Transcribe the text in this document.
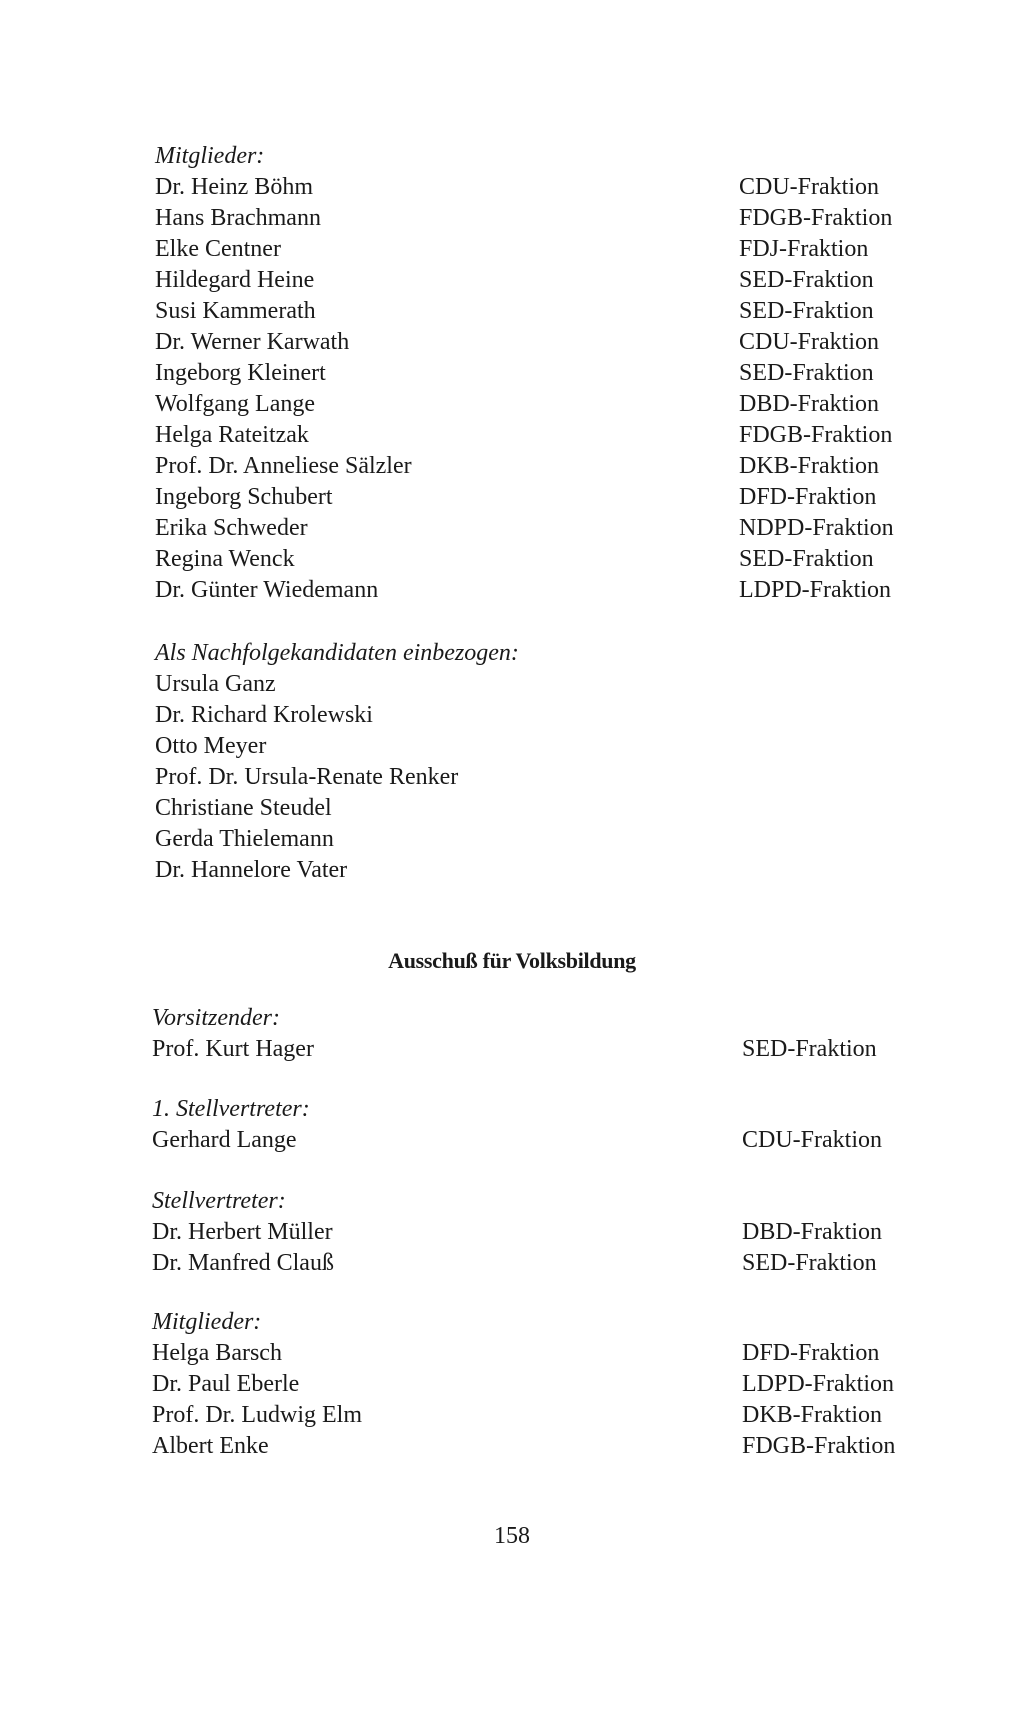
Mitglieder:
Dr. Heinz Böhm	CDU-Fraktion
Hans Brachmann	FDGB-Fraktion
Elke Centner	FDJ-Fraktion
Hildegard Heine	SED-Fraktion
Susi Kammerath	SED-Fraktion
Dr. Werner Karwath	CDU-Fraktion
Ingeborg Kleinert	SED-Fraktion
Wolfgang Lange	DBD-Fraktion
Helga Rateitzak	FDGB-Fraktion
Prof. Dr. Anneliese Sälzler	DKB-Fraktion
Ingeborg Schubert	DFD-Fraktion
Erika Schweder	NDPD-Fraktion
Regina Wenck	SED-Fraktion
Dr. Günter Wiedemann	LDPD-Fraktion
Als Nachfolgekandidaten einbezogen:
Ursula Ganz
Dr. Richard Krolewski
Otto Meyer
Prof. Dr. Ursula-Renate Renker
Christiane Steudel
Gerda Thielemann
Dr. Hannelore Vater
Ausschuß für Volksbildung
Vorsitzender:
Prof. Kurt Hager	SED-Fraktion
1. Stellvertreter:
Gerhard Lange	CDU-Fraktion
Stellvertreter:
Dr. Herbert Müller	DBD-Fraktion
Dr. Manfred Clauß	SED-Fraktion
Mitglieder:
Helga Barsch	DFD-Fraktion
Dr. Paul Eberle	LDPD-Fraktion
Prof. Dr. Ludwig Elm	DKB-Fraktion
Albert Enke	FDGB-Fraktion
158
